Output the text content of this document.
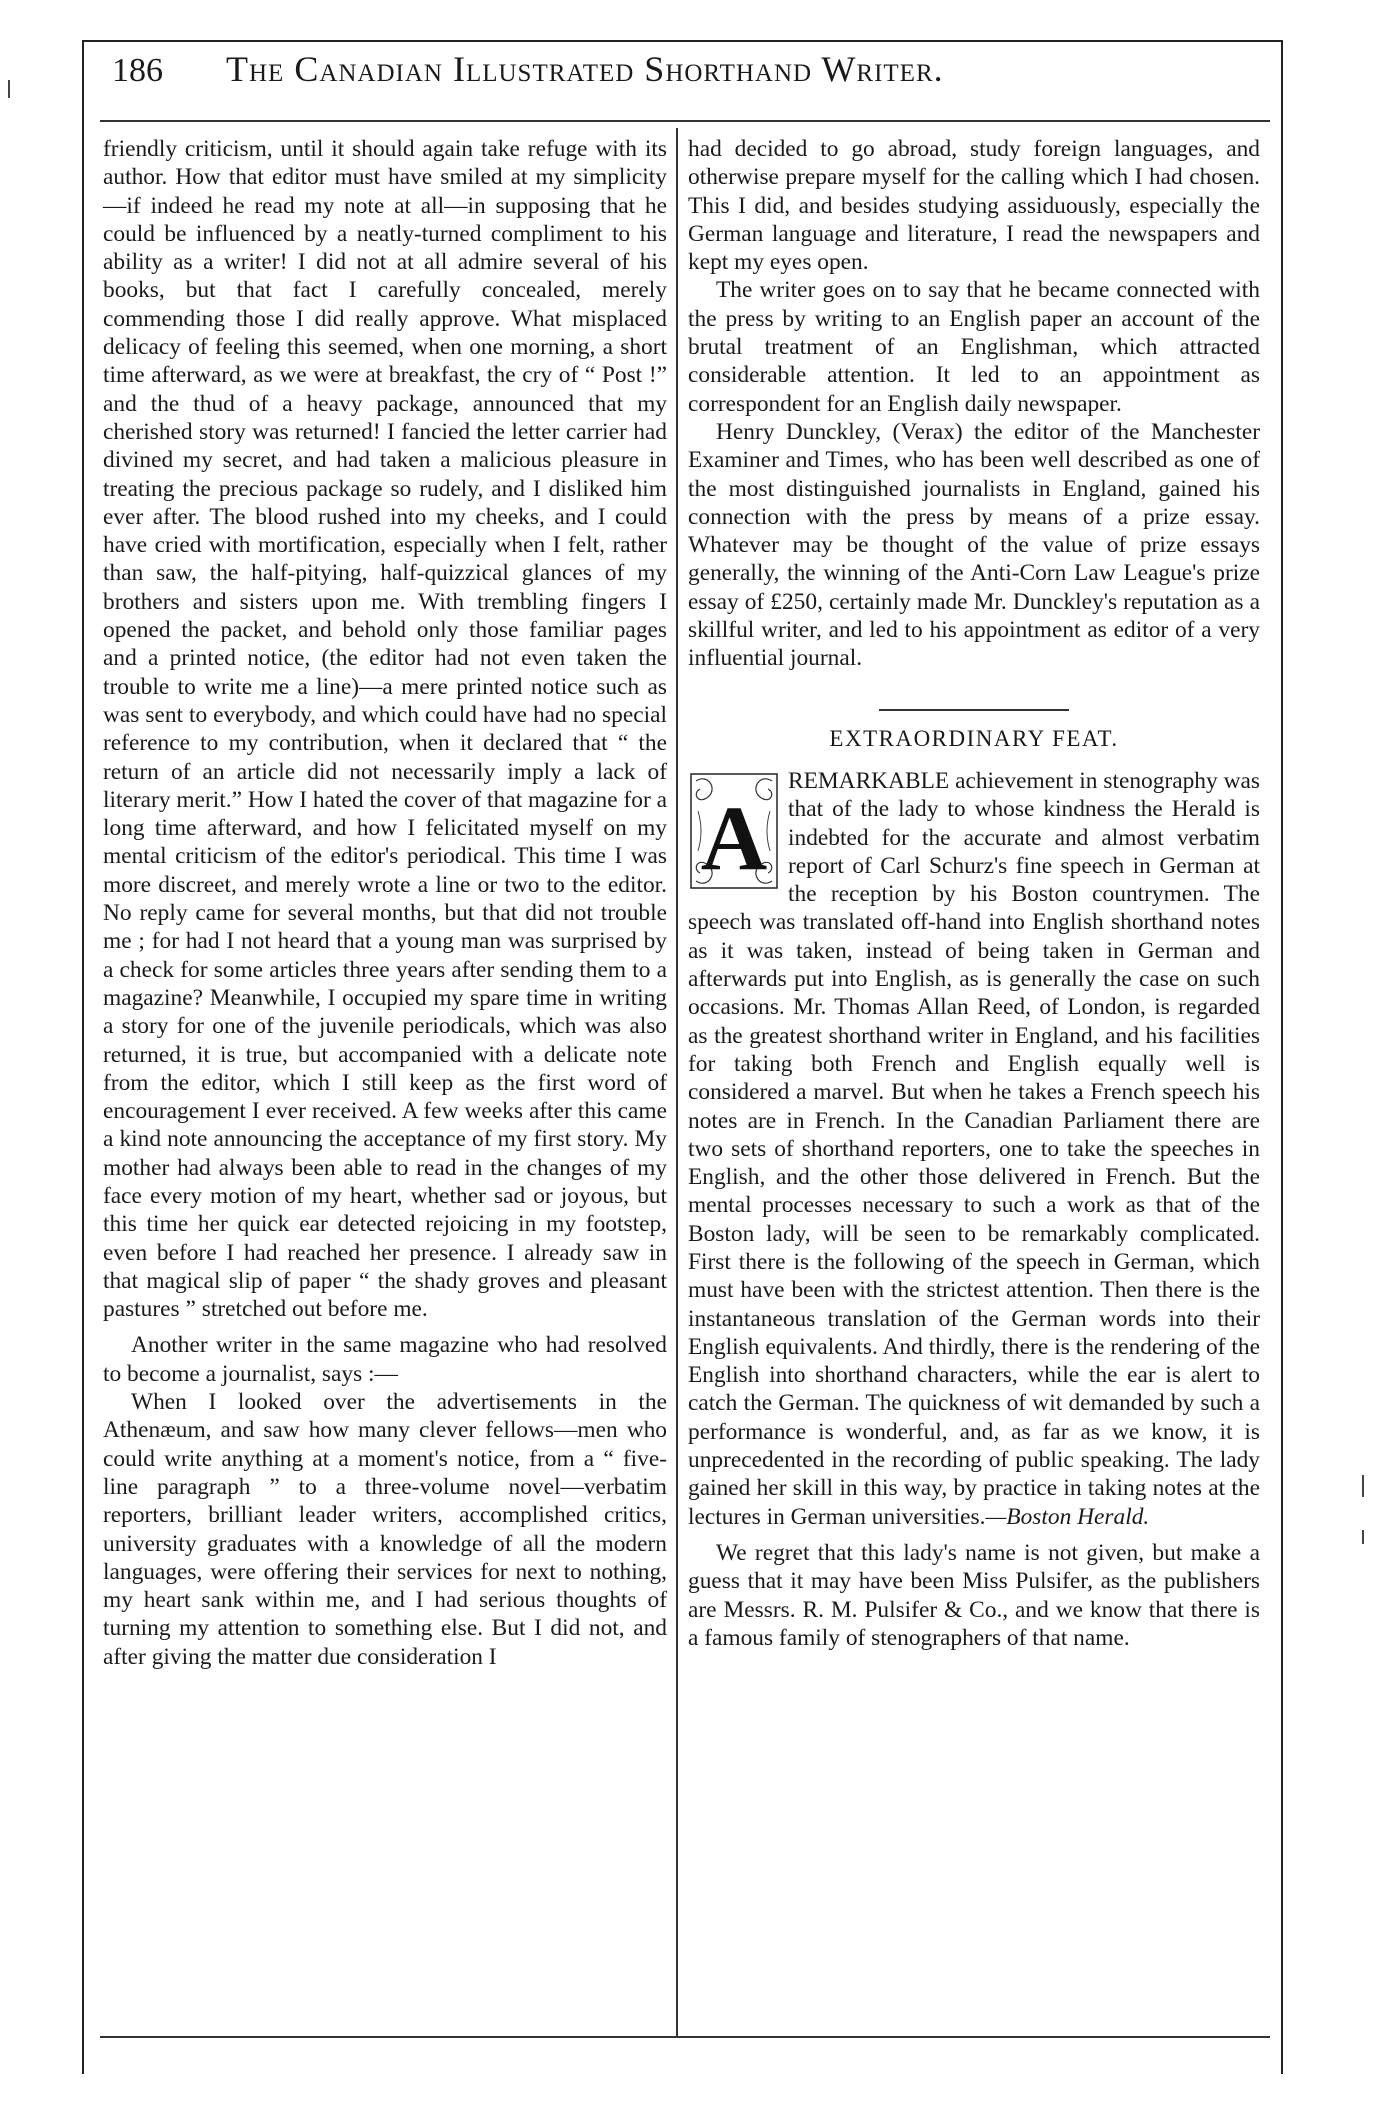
186	The Canadian Illustrated Shorthand Writer.

friendly criticism, until it should again take refuge with its author. How that editor must have smiled at my simplicity—if indeed he read my note at all—in supposing that he could be influenced by a neatly-turned compliment to his ability as a writer! I did not at all admire several of his books, but that fact I carefully concealed, merely commending those I did really approve. What misplaced delicacy of feeling this seemed, when one morning, a short time afterward, as we were at breakfast, the cry of “ Post !” and the thud of a heavy package, announced that my cherished story was returned! I fancied the letter carrier had divined my secret, and had taken a malicious pleasure in treating the precious package so rudely, and I disliked him ever after. The blood rushed into my cheeks, and I could have cried with mortification, especially when I felt, rather than saw, the half-pitying, half-quizzical glances of my brothers and sisters upon me. With trembling fingers I opened the packet, and behold only those familiar pages and a printed notice, (the editor had not even taken the trouble to write me a line)—a mere printed notice such as was sent to everybody, and which could have had no special reference to my contribution, when it declared that “ the return of an article did not necessarily imply a lack of literary merit.” How I hated the cover of that magazine for a long time afterward, and how I felicitated myself on my mental criticism of the editor's periodical. This time I was more discreet, and merely wrote a line or two to the editor. No reply came for several months, but that did not trouble me ; for had I not heard that a young man was surprised by a check for some articles three years after sending them to a magazine? Meanwhile, I occupied my spare time in writing a story for one of the juvenile periodicals, which was also returned, it is true, but accompanied with a delicate note from the editor, which I still keep as the first word of encouragement I ever received. A few weeks after this came a kind note announcing the acceptance of my first story. My mother had always been able to read in the changes of my face every motion of my heart, whether sad or joyous, but this time her quick ear detected rejoicing in my footstep, even before I had reached her presence. I already saw in that magical slip of paper “ the shady groves and pleasant pastures ” stretched out before me.

Another writer in the same magazine who had resolved to become a journalist, says :—

When I looked over the advertisements in the Athenæum, and saw how many clever fellows—men who could write anything at a moment's notice, from a “ five-line paragraph ” to a three-volume novel—verbatim reporters, brilliant leader writers, accomplished critics, university graduates with a knowledge of all the modern languages, were offering their services for next to nothing, my heart sank within me, and I had serious thoughts of turning my attention to something else. But I did not, and after giving the matter due consideration I

had decided to go abroad, study foreign languages, and otherwise prepare myself for the calling which I had chosen. This I did, and besides studying assiduously, especially the German language and literature, I read the newspapers and kept my eyes open.

The writer goes on to say that he became connected with the press by writing to an English paper an account of the brutal treatment of an Englishman, which attracted considerable attention. It led to an appointment as correspondent for an English daily newspaper.

Henry Dunckley, (Verax) the editor of the Manchester Examiner and Times, who has been well described as one of the most distinguished journalists in England, gained his connection with the press by means of a prize essay. Whatever may be thought of the value of prize essays generally, the winning of the Anti-Corn Law League's prize essay of £250, certainly made Mr. Dunckley's reputation as a skillful writer, and led to his appointment as editor of a very influential journal.

EXTRAORDINARY FEAT.

A
REMARKABLE achievement in stenography was that of the lady to whose kindness the Herald is indebted for the accurate and almost verbatim report of Carl Schurz's fine speech in German at the reception by his Boston countrymen. The speech was translated off-hand into English shorthand notes as it was taken, instead of being taken in German and afterwards put into English, as is generally the case on such occasions. Mr. Thomas Allan Reed, of London, is regarded as the greatest shorthand writer in England, and his facilities for taking both French and English equally well is considered a marvel. But when he takes a French speech his notes are in French. In the Canadian Parliament there are two sets of shorthand reporters, one to take the speeches in English, and the other those delivered in French. But the mental processes necessary to such a work as that of the Boston lady, will be seen to be remarkably complicated. First there is the following of the speech in German, which must have been with the strictest attention. Then there is the instantaneous translation of the German words into their English equivalents. And thirdly, there is the rendering of the English into shorthand characters, while the ear is alert to catch the German. The quickness of wit demanded by such a performance is wonderful, and, as far as we know, it is unprecedented in the recording of public speaking. The lady gained her skill in this way, by practice in taking notes at the lectures in German universities.—Boston Herald.

We regret that this lady's name is not given, but make a guess that it may have been Miss Pulsifer, as the publishers are Messrs. R. M. Pulsifer & Co., and we know that there is a famous family of stenographers of that name.
